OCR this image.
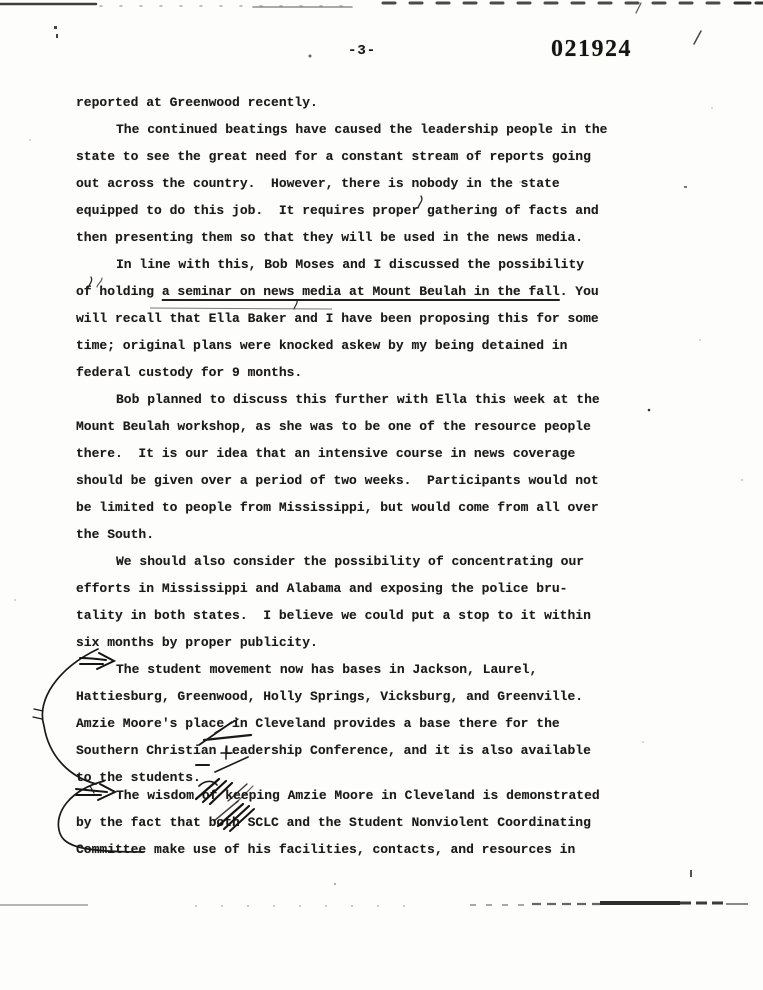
-3-	021924
reported at Greenwood recently.
The continued beatings have caused the leadership people in the
state to see the great need for a constant stream of reports going
out across the country.  However, there is nobody in the state
equipped to do this job.  It requires proper gathering of facts and
then presenting them so that they will be used in the news media.
In line with this, Bob Moses and I discussed the possibility
of holding a seminar on news media at Mount Beulah in the fall. You
will recall that Ella Baker and I have been proposing this for some
time; original plans were knocked askew by my being detained in
federal custody for 9 months.
Bob planned to discuss this further with Ella this week at the
Mount Beulah workshop, as she was to be one of the resource people
there.  It is our idea that an intensive course in news coverage
should be given over a period of two weeks.  Participants would not
be limited to people from Mississippi, but would come from all over
the South.
We should also consider the possibility of concentrating our
efforts in Mississippi and Alabama and exposing the police bru-
tality in both states.  I believe we could put a stop to it within
six months by proper publicity.
The student movement now has bases in Jackson, Laurel,
Hattiesburg, Greenwood, Holly Springs, Vicksburg, and Greenville.
Amzie Moore's place in Cleveland provides a base there for the
Southern Christian Leadership Conference, and it is also available
to the students.
The wisdom of keeping Amzie Moore in Cleveland is demonstrated
by the fact that both SCLC and the Student Nonviolent Coordinating
Committee make use of his facilities, contacts, and resources in
